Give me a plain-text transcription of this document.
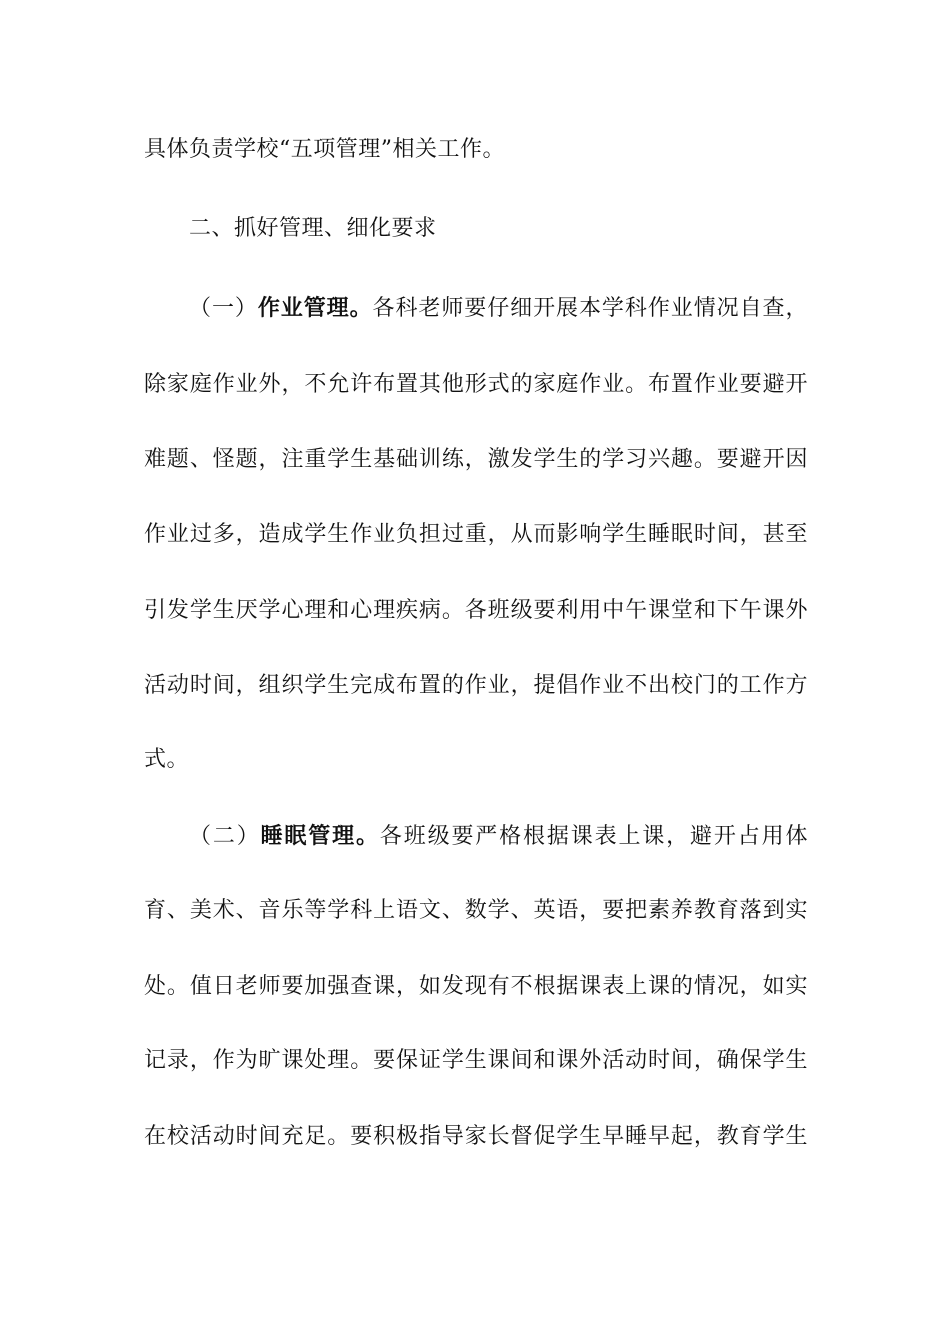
具体负责学校“五项管理”相关工作。
二、抓好管理、细化要求
（一）作业管理。各科老师要仔细开展本学科作业情况自查，
除家庭作业外，不允许布置其他形式的家庭作业。布置作业要避开
难题、怪题，注重学生基础训练，激发学生的学习兴趣。要避开因
作业过多，造成学生作业负担过重，从而影响学生睡眠时间，甚至
引发学生厌学心理和心理疾病。各班级要利用中午课堂和下午课外
活动时间，组织学生完成布置的作业，提倡作业不出校门的工作方
式。
（二）睡眠管理。各班级要严格根据课表上课，避开占用体
育、美术、音乐等学科上语文、数学、英语，要把素养教育落到实
处。值日老师要加强查课，如发现有不根据课表上课的情况，如实
记录，作为旷课处理。要保证学生课间和课外活动时间，确保学生
在校活动时间充足。要积极指导家长督促学生早睡早起，教育学生
